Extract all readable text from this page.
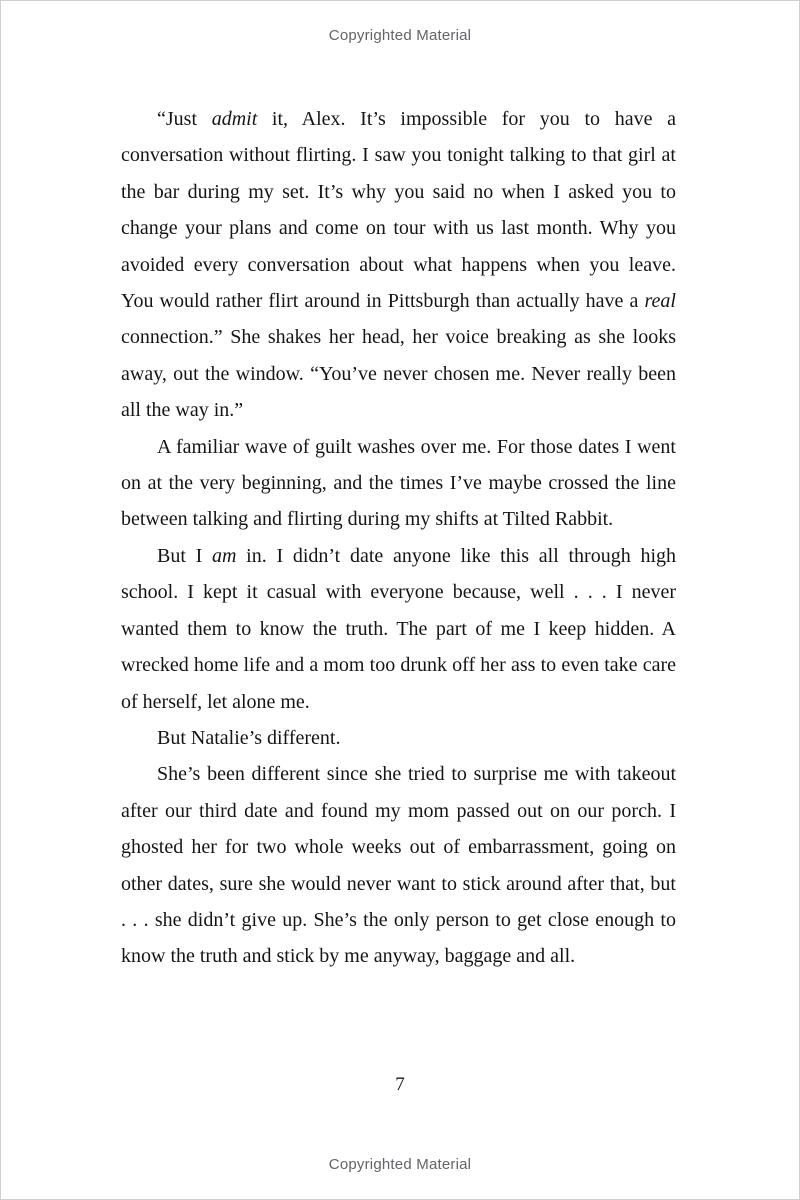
Copyrighted Material

“Just admit it, Alex. It’s impossible for you to have a conversation without flirting. I saw you tonight talking to that girl at the bar during my set. It’s why you said no when I asked you to change your plans and come on tour with us last month. Why you avoided every conversation about what happens when you leave. You would rather flirt around in Pittsburgh than actually have a real connection.” She shakes her head, her voice breaking as she looks away, out the window. “You’ve never chosen me. Never really been all the way in.”

A familiar wave of guilt washes over me. For those dates I went on at the very beginning, and the times I’ve maybe crossed the line between talking and flirting during my shifts at Tilted Rabbit.

But I am in. I didn’t date anyone like this all through high school. I kept it casual with everyone because, well . . . I never wanted them to know the truth. The part of me I keep hidden. A wrecked home life and a mom too drunk off her ass to even take care of herself, let alone me.

But Natalie’s different.

She’s been different since she tried to surprise me with takeout after our third date and found my mom passed out on our porch. I ghosted her for two whole weeks out of embarrassment, going on other dates, sure she would never want to stick around after that, but . . . she didn’t give up. She’s the only person to get close enough to know the truth and stick by me anyway, baggage and all.

7
Copyrighted Material
